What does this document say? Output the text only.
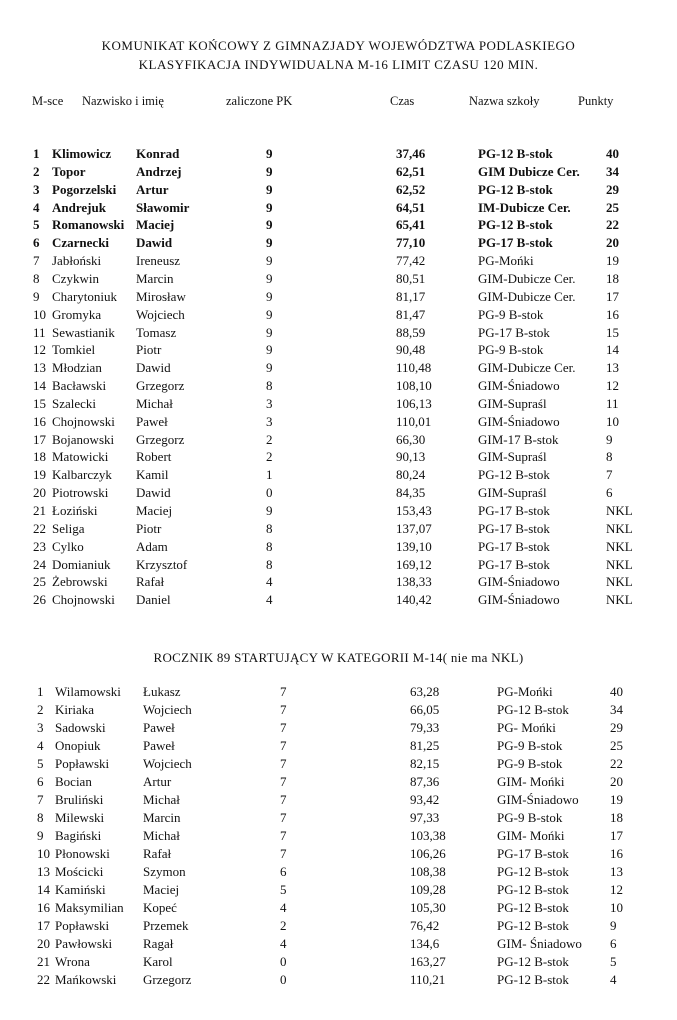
KOMUNIKAT KOŃCOWY Z GIMNAZJADY WOJEWÓDZTWA PODLASKIEGO
KLASYFIKACJA INDYWIDUALNA M-16 LIMIT CZASU 120 MIN.
M-sce Nazwisko i imię	zaliczone PK	Czas	Nazwa szkoły	Punkty
1 Klimowicz Konrad	9	37,46	PG-12 B-stok	40
2 Topor	Andrzej	9	62,51	GIM Dubicze Cer. 34
3 Pogorzelski Artur	9	62,52	PG-12 B-stok	29
4 Andrejuk Sławomir	9	64,51	IM-Dubicze Cer.	25
5 Romanowski Maciej	9	65,41	PG-12 B-stok	22
6 Czarnecki Dawid	9	77,10	PG-17 B-stok	20
7 Jabłoński	Ireneusz	9	77,42	PG-Mońki	19
8 Czykwin	Marcin	9	80,51	GIM-Dubicze Cer. 18
9 Charytoniuk Mirosław	9	81,17	GIM-Dubicze Cer. 17
10 Gromyka	Wojciech	9	81,47	PG-9 B-stok	16
11 Sewastianik Tomasz	9	88,59	PG-17 B-stok	15
12 Tomkiel	Piotr	9	90,48	PG-9 B-stok	14
13 Młodzian	Dawid	9	110,48	GIM-Dubicze Cer. 13
14 Bacławski Grzegorz	8	108,10	GIM-Śniadowo	12
15 Szalecki	Michał	3	106,13	GIM-Supraśl	11
16 Chojnowski Paweł	3	110,01	GIM-Śniadowo	10
17 Bojanowski Grzegorz	2	66,30	GIM-17 B-stok	9
18 Matowicki Robert	2	90,13	GIM-Supraśl	8
19 Kalbarczyk Kamil	1	80,24	PG-12 B-stok	7
20 Piotrowski Dawid	0	84,35	GIM-Supraśl	6
21 Łoziński	Maciej	9	153,43	PG-17 B-stok	NKL
22 Seliga	Piotr	8	137,07	PG-17 B-stok	NKL
23 Cylko	Adam	8	139,10	PG-17 B-stok	NKL
24 Domianiuk Krzysztof	8	169,12	PG-17 B-stok	NKL
25 Żebrowski Rafał	4	138,33	GIM-Śniadowo	NKL
26 Chojnowski Daniel	4	140,42	GIM-Śniadowo	NKL
ROCZNIK 89 STARTUJĄCY W KATEGORII M-14( nie ma NKL)
1 Wilamowski Łukasz	7	63,28	PG-Mońki	40
2 Kiriaka	Wojciech	7	66,05	PG-12 B-stok	34
3 Sadowski	Paweł	7	79,33	PG- Mońki	29
4 Onopiuk	Paweł	7	81,25	PG-9 B-stok	25
5 Popławski	Wojciech	7	82,15	PG-9 B-stok	22
6 Bocian	Artur	7	87,36	GIM- Mońki	20
7 Bruliński	Michał	7	93,42	GIM-Śniadowo 19
8 Milewski	Marcin	7	97,33	PG-9 B-stok	18
9 Bagiński	Michał	7	103,38	GIM- Mońki	17
10 Płonowski	Rafał	7	106,26	PG-17 B-stok	16
13 Mościcki	Szymon	6	108,38	PG-12 B-stok	13
14 Kamiński	Maciej	5	109,28	PG-12 B-stok	12
16 Maksymilian Kopeć	4	105,30	PG-12 B-stok	10
17 Popławski	Przemek	2	76,42	PG-12 B-stok	9
20 Pawłowski Ragał	4	134,6	GIM- Śniadowo 6
21 Wrona	Karol	0	163,27	PG-12 B-stok	5
22 Mańkowski Grzegorz	0	110,21	PG-12 B-stok	4
